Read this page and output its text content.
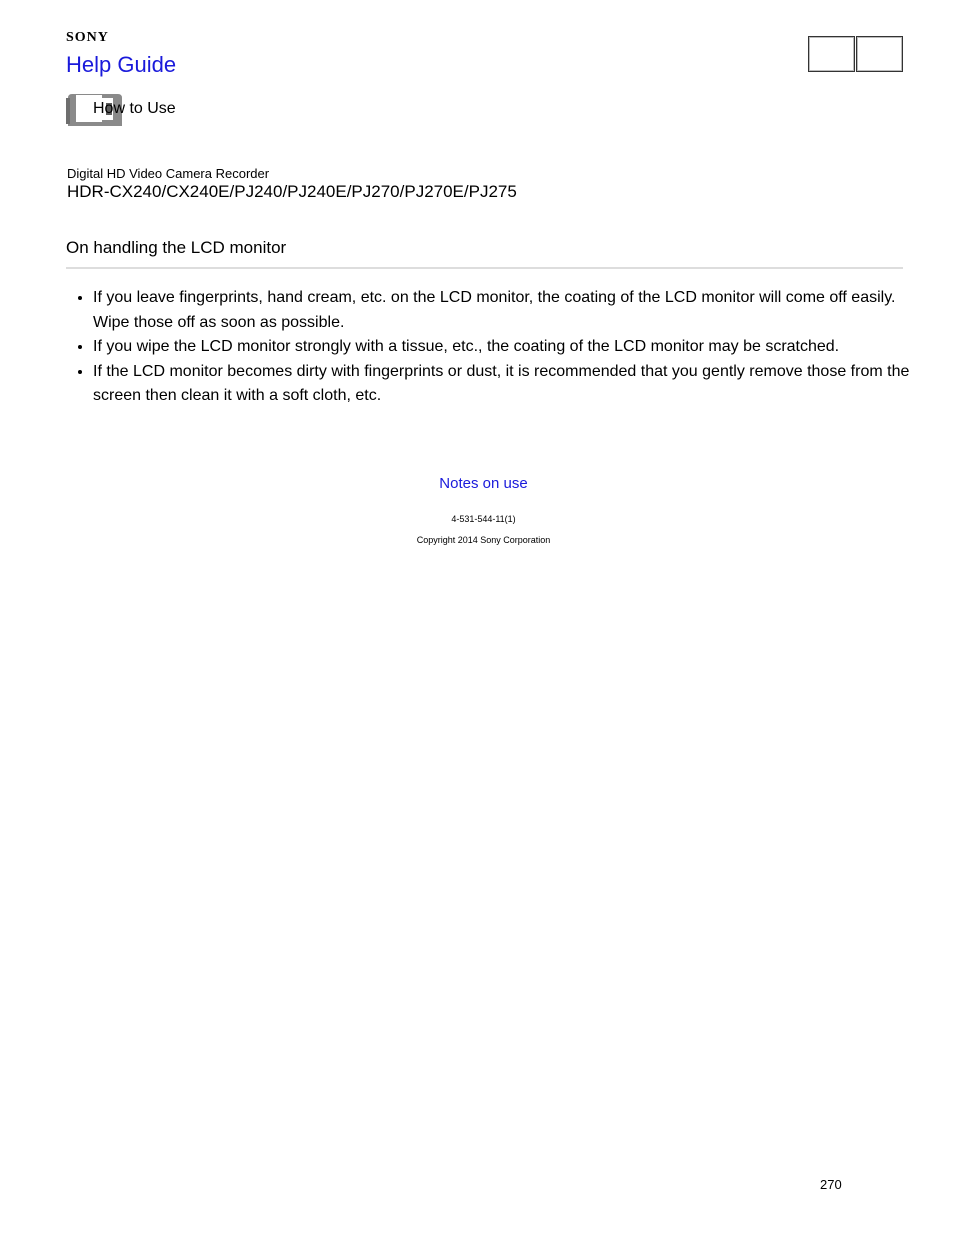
SONY
Help Guide
How to Use
Digital HD Video Camera Recorder
HDR-CX240/CX240E/PJ240/PJ240E/PJ270/PJ270E/PJ275
On handling the LCD monitor
• If you leave fingerprints, hand cream, etc. on the LCD monitor, the coating of the LCD monitor will come off easily. Wipe those off as soon as possible.
• If you wipe the LCD monitor strongly with a tissue, etc., the coating of the LCD monitor may be scratched.
• If the LCD monitor becomes dirty with fingerprints or dust, it is recommended that you gently remove those from the screen then clean it with a soft cloth, etc.
Notes on use
4-531-544-11(1)
Copyright 2014 Sony Corporation
270
